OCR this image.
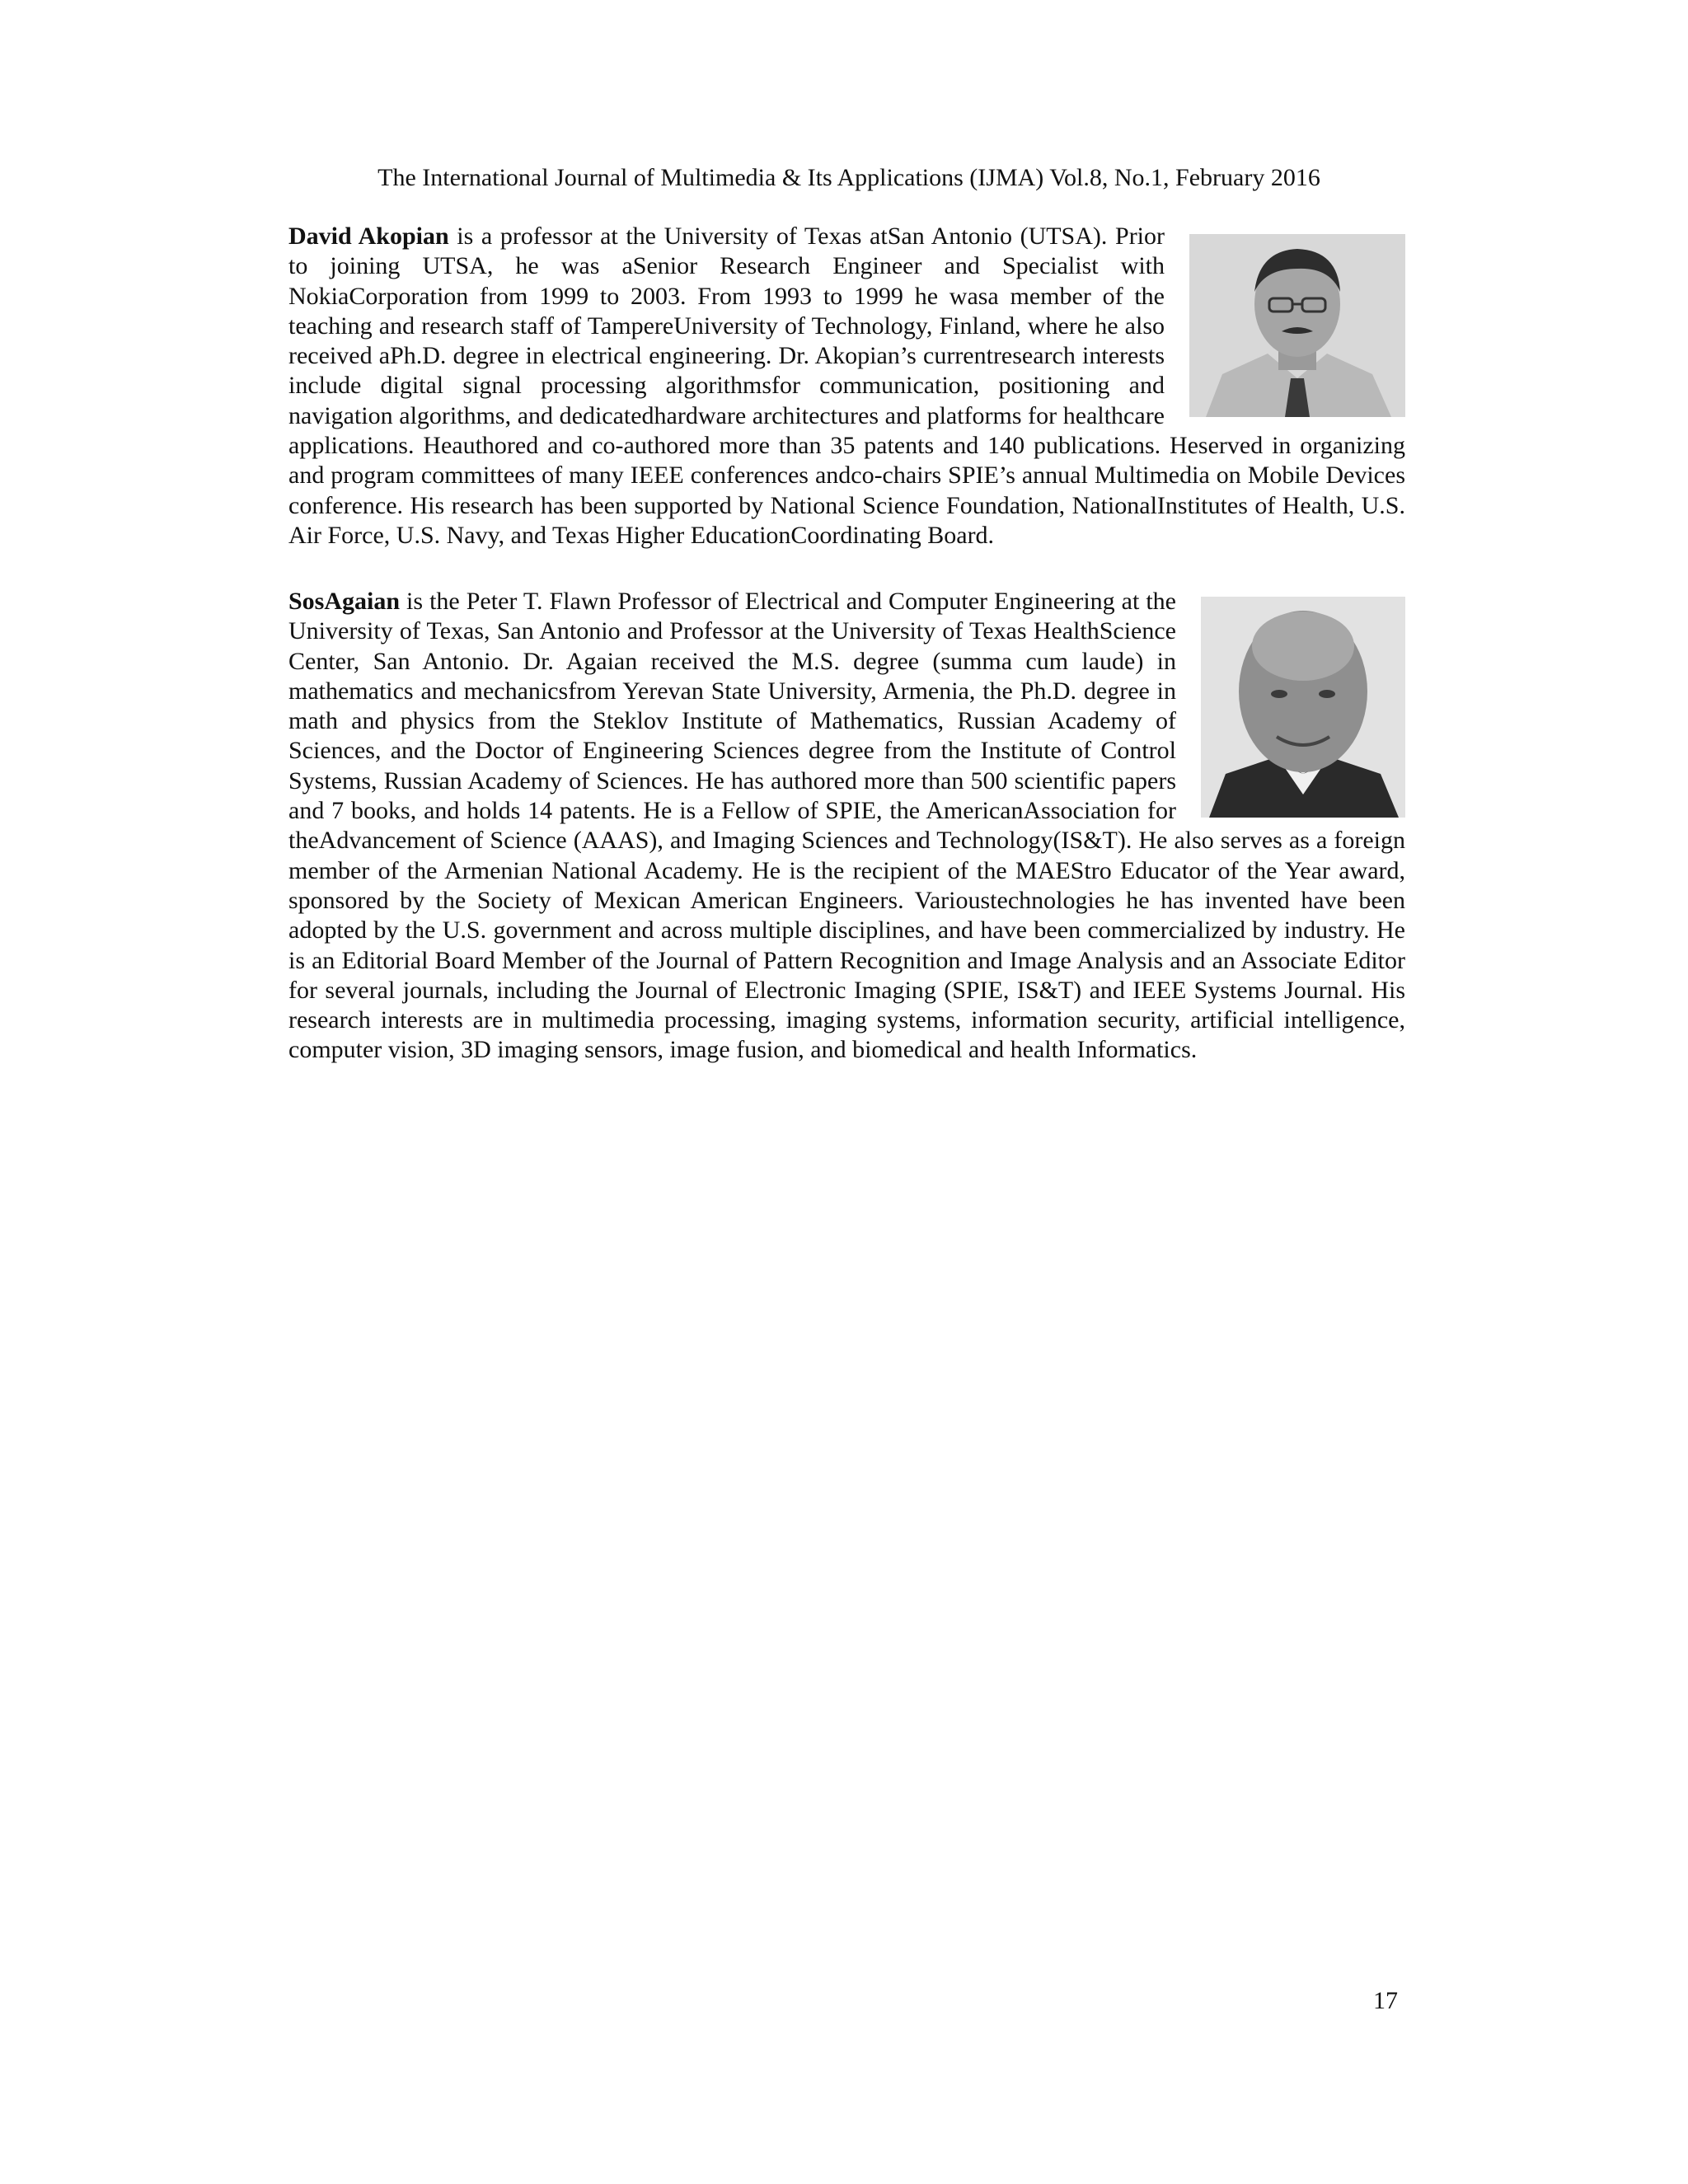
The International Journal of Multimedia & Its Applications (IJMA) Vol.8, No.1, February 2016
David Akopian is a professor at the University of Texas atSan Antonio (UTSA). Prior to joining UTSA, he was aSenior Research Engineer and Specialist with NokiaCorporation from 1999 to 2003. From 1993 to 1999 he wasa member of the teaching and research staff of TampereUniversity of Technology, Finland, where he also received aPh.D. degree in electrical engineering. Dr. Akopian’s currentresearch interests include digital signal processing algorithmsfor communication, positioning and navigation algorithms, and dedicatedhardware architectures and platforms for healthcare applications. Heauthored and co-authored more than 35 patents and 140 publications. Heserved in organizing and program committees of many IEEE conferences andco-chairs SPIE’s annual Multimedia on Mobile Devices conference. His research has been supported by National Science Foundation, NationalInstitutes of Health, U.S. Air Force, U.S. Navy, and Texas Higher EducationCoordinating Board.
SosAgaian is the Peter T. Flawn Professor of Electrical and Computer Engineering at the University of Texas, San Antonio and Professor at the University of Texas HealthScience Center, San Antonio. Dr. Agaian received the M.S. degree (summa cum laude) in mathematics and mechanicsfrom Yerevan State University, Armenia, the Ph.D. degree in math and physics from the Steklov Institute of Mathematics, Russian Academy of Sciences, and the Doctor of Engineering Sciences degree from the Institute of Control Systems, Russian Academy of Sciences. He has authored more than 500 scientific papers and 7 books, and holds 14 patents. He is a Fellow of SPIE, the AmericanAssociation for theAdvancement of Science (AAAS), and Imaging Sciences and Technology(IS&T). He also serves as a foreign member of the Armenian National Academy. He is the recipient of the MAEStro Educator of the Year award, sponsored by the Society of Mexican American Engineers. Varioustechnologies he has invented have been adopted by the U.S. government and across multiple disciplines, and have been commercialized by industry. He is an Editorial Board Member of the Journal of Pattern Recognition and Image Analysis and an Associate Editor for several journals, including the Journal of Electronic Imaging (SPIE, IS&T) and IEEE Systems Journal. His research interests are in multimedia processing, imaging systems, information security, artificial intelligence, computer vision, 3D imaging sensors, image fusion, and biomedical and health Informatics.
17
